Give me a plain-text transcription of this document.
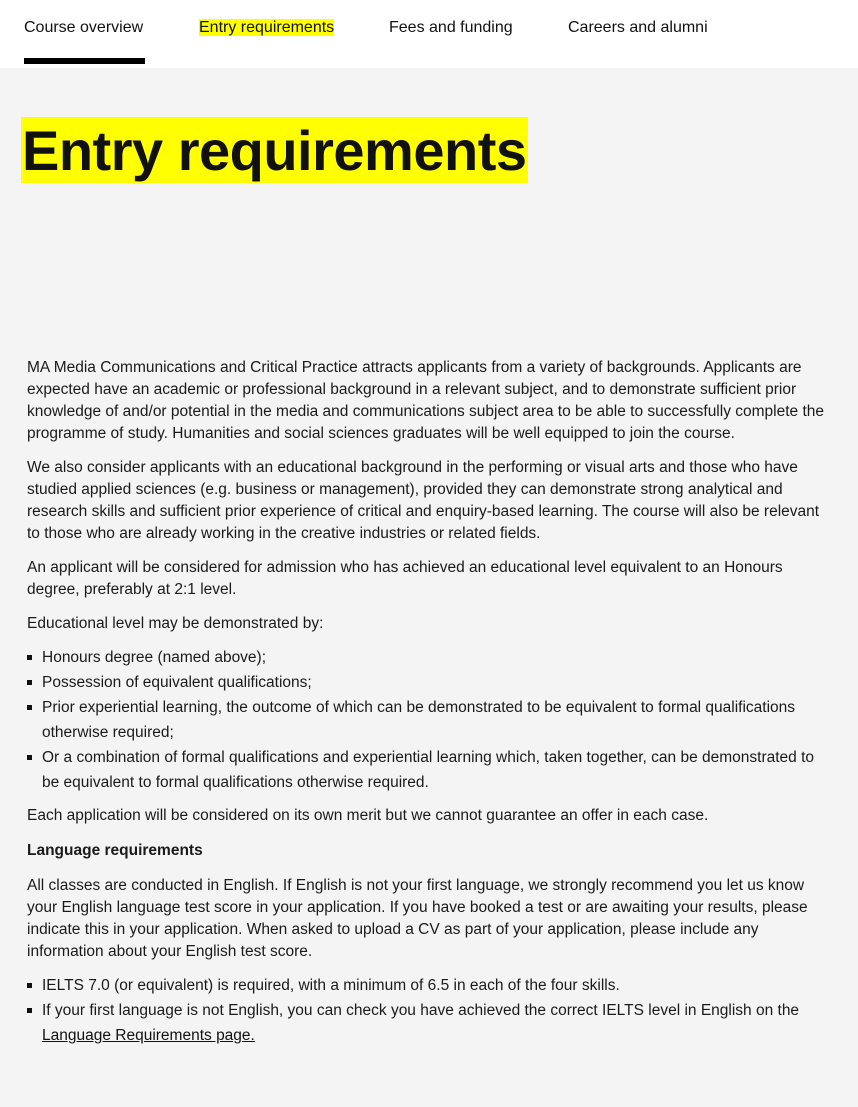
Course overview	Entry requirements	Fees and funding	Careers and alumni
Entry requirements

MA Media Communications and Critical Practice attracts applicants from a variety of backgrounds. Applicants are expected have an academic or professional background in a relevant subject, and to demonstrate sufficient prior knowledge of and/or potential in the media and communications subject area to be able to successfully complete the programme of study. Humanities and social sciences graduates will be well equipped to join the course.

We also consider applicants with an educational background in the performing or visual arts and those who have studied applied sciences (e.g. business or management), provided they can demonstrate strong analytical and research skills and sufficient prior experience of critical and enquiry-based learning. The course will also be relevant to those who are already working in the creative industries or related fields.

An applicant will be considered for admission who has achieved an educational level equivalent to an Honours degree, preferably at 2:1 level.

Educational level may be demonstrated by:

Honours degree (named above);
Possession of equivalent qualifications;
Prior experiential learning, the outcome of which can be demonstrated to be equivalent to formal qualifications otherwise required;
Or a combination of formal qualifications and experiential learning which, taken together, can be demonstrated to be equivalent to formal qualifications otherwise required.

Each application will be considered on its own merit but we cannot guarantee an offer in each case.

Language requirements

All classes are conducted in English. If English is not your first language, we strongly recommend you let us know your English language test score in your application. If you have booked a test or are awaiting your results, please indicate this in your application. When asked to upload a CV as part of your application, please include any information about your English test score.

IELTS 7.0 (or equivalent) is required, with a minimum of 6.5 in each of the four skills.
If your first language is not English, you can check you have achieved the correct IELTS level in English on the Language Requirements page.
